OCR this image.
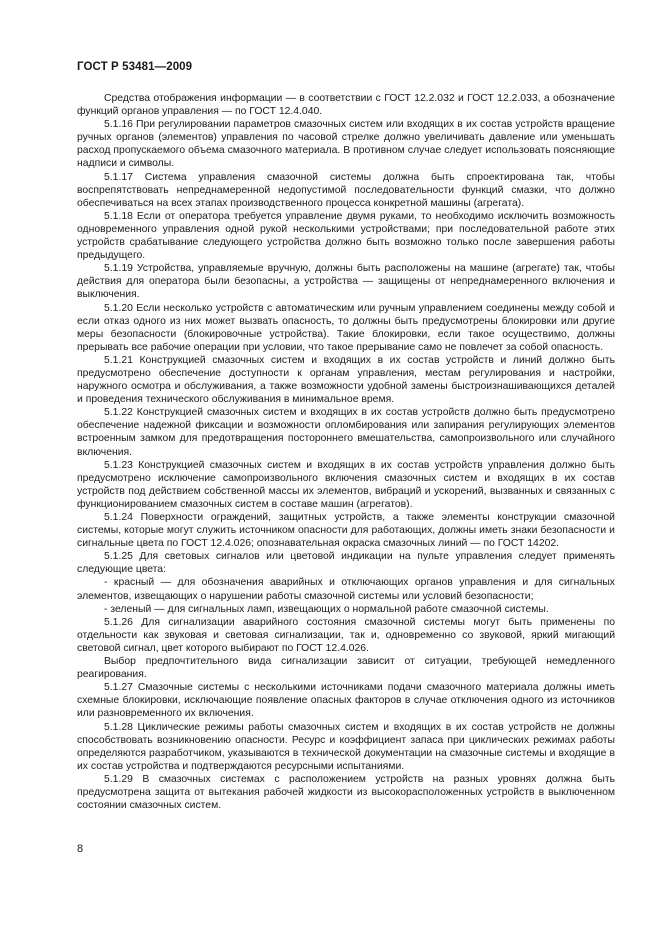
ГОСТ Р 53481—2009

Средства отображения информации — в соответствии с ГОСТ 12.2.032 и ГОСТ 12.2.033, а обозначение функций органов управления — по ГОСТ 12.4.040.

5.1.16 При регулировании параметров смазочных систем или входящих в их состав устройств вращение ручных органов (элементов) управления по часовой стрелке должно увеличивать давление или уменьшать расход пропускаемого объема смазочного материала. В противном случае следует использовать поясняющие надписи и символы.

5.1.17 Система управления смазочной системы должна быть спроектирована так, чтобы воспрепятствовать непреднамеренной недопустимой последовательности функций смазки, что должно обеспечиваться на всех этапах производственного процесса конкретной машины (агрегата).

5.1.18 Если от оператора требуется управление двумя руками, то необходимо исключить возможность одновременного управления одной рукой несколькими устройствами; при последовательной работе этих устройств срабатывание следующего устройства должно быть возможно только после завершения работы предыдущего.

5.1.19 Устройства, управляемые вручную, должны быть расположены на машине (агрегате) так, чтобы действия для оператора были безопасны, а устройства — защищены от непреднамеренного включения и выключения.

5.1.20 Если несколько устройств с автоматическим или ручным управлением соединены между собой и если отказ одного из них может вызвать опасность, то должны быть предусмотрены блокировки или другие меры безопасности (блокировочные устройства). Такие блокировки, если такое осуществимо, должны прерывать все рабочие операции при условии, что такое прерывание само не повлечет за собой опасность.

5.1.21 Конструкцией смазочных систем и входящих в их состав устройств и линий должно быть предусмотрено обеспечение доступности к органам управления, местам регулирования и настройки, наружного осмотра и обслуживания, а также возможности удобной замены быстроизнашивающихся деталей и проведения технического обслуживания в минимальное время.

5.1.22 Конструкцией смазочных систем и входящих в их состав устройств должно быть предусмотрено обеспечение надежной фиксации и возможности опломбирования или запирания регулирующих элементов встроенным замком для предотвращения постороннего вмешательства, самопроизвольного или случайного включения.

5.1.23 Конструкцией смазочных систем и входящих в их состав устройств управления должно быть предусмотрено исключение самопроизвольного включения смазочных систем и входящих в их состав устройств под действием собственной массы их элементов, вибраций и ускорений, вызванных и связанных с функционированием смазочных систем в составе машин (агрегатов).

5.1.24 Поверхности ограждений, защитных устройств, а также элементы конструкции смазочной системы, которые могут служить источником опасности для работающих, должны иметь знаки безопасности и сигнальные цвета по ГОСТ 12.4.026; опознавательная окраска смазочных линий — по ГОСТ 14202.

5.1.25 Для световых сигналов или цветовой индикации на пульте управления следует применять следующие цвета:

- красный — для обозначения аварийных и отключающих органов управления и для сигнальных элементов, извещающих о нарушении работы смазочной системы или условий безопасности;

- зеленый — для сигнальных ламп, извещающих о нормальной работе смазочной системы.

5.1.26 Для сигнализации аварийного состояния смазочной системы могут быть применены по отдельности как звуковая и световая сигнализации, так и, одновременно со звуковой, яркий мигающий световой сигнал, цвет которого выбирают по ГОСТ 12.4.026.

Выбор предпочтительного вида сигнализации зависит от ситуации, требующей немедленного реагирования.

5.1.27 Смазочные системы с несколькими источниками подачи смазочного материала должны иметь схемные блокировки, исключающие появление опасных факторов в случае отключения одного из источников или разновременного их включения.

5.1.28 Циклические режимы работы смазочных систем и входящих в их состав устройств не должны способствовать возникновению опасности. Ресурс и коэффициент запаса при циклических режимах работы определяются разработчиком, указываются в технической документации на смазочные системы и входящие в их состав устройства и подтверждаются ресурсными испытаниями.

5.1.29 В смазочных системах с расположением устройств на разных уровнях должна быть предусмотрена защита от вытекания рабочей жидкости из высокорасположенных устройств в выключенном состоянии смазочных систем.

8
